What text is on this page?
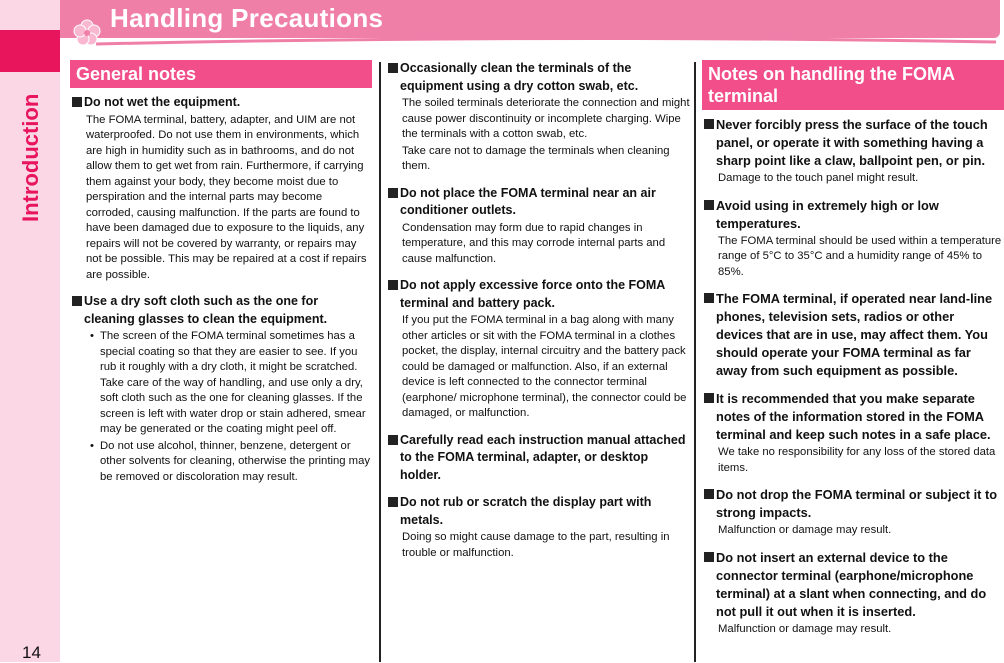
Introduction
14
Handling Precautions
General notes
Do not wet the equipment.
The FOMA terminal, battery, adapter, and UIM are not waterproofed. Do not use them in environments, which are high in humidity such as in bathrooms, and do not allow them to get wet from rain. Furthermore, if carrying them against your body, they become moist due to perspiration and the internal parts may become corroded, causing malfunction. If the parts are found to have been damaged due to exposure to the liquids, any repairs will not be covered by warranty, or repairs may not be possible. This may be repaired at a cost if repairs are possible.
Use a dry soft cloth such as the one for cleaning glasses to clean the equipment.
• The screen of the FOMA terminal sometimes has a special coating so that they are easier to see. If you rub it roughly with a dry cloth, it might be scratched. Take care of the way of handling, and use only a dry, soft cloth such as the one for cleaning glasses. If the screen is left with water drop or stain adhered, smear may be generated or the coating might peel off.
• Do not use alcohol, thinner, benzene, detergent or other solvents for cleaning, otherwise the printing may be removed or discoloration may result.
Occasionally clean the terminals of the equipment using a dry cotton swab, etc.
The soiled terminals deteriorate the connection and might cause power discontinuity or incomplete charging. Wipe the terminals with a cotton swab, etc.
Take care not to damage the terminals when cleaning them.
Do not place the FOMA terminal near an air conditioner outlets.
Condensation may form due to rapid changes in temperature, and this may corrode internal parts and cause malfunction.
Do not apply excessive force onto the FOMA terminal and battery pack.
If you put the FOMA terminal in a bag along with many other articles or sit with the FOMA terminal in a clothes pocket, the display, internal circuitry and the battery pack could be damaged or malfunction. Also, if an external device is left connected to the connector terminal (earphone/ microphone terminal), the connector could be damaged, or malfunction.
Carefully read each instruction manual attached to the FOMA terminal, adapter, or desktop holder.
Do not rub or scratch the display part with metals.
Doing so might cause damage to the part, resulting in trouble or malfunction.
Notes on handling the FOMA terminal
Never forcibly press the surface of the touch panel, or operate it with something having a sharp point like a claw, ballpoint pen, or pin.
Damage to the touch panel might result.
Avoid using in extremely high or low temperatures.
The FOMA terminal should be used within a temperature range of 5°C to 35°C and a humidity range of 45% to 85%.
The FOMA terminal, if operated near land-line phones, television sets, radios or other devices that are in use, may affect them. You should operate your FOMA terminal as far away from such equipment as possible.
It is recommended that you make separate notes of the information stored in the FOMA terminal and keep such notes in a safe place.
We take no responsibility for any loss of the stored data items.
Do not drop the FOMA terminal or subject it to strong impacts.
Malfunction or damage may result.
Do not insert an external device to the connector terminal (earphone/microphone terminal) at a slant when connecting, and do not pull it out when it is inserted.
Malfunction or damage may result.
